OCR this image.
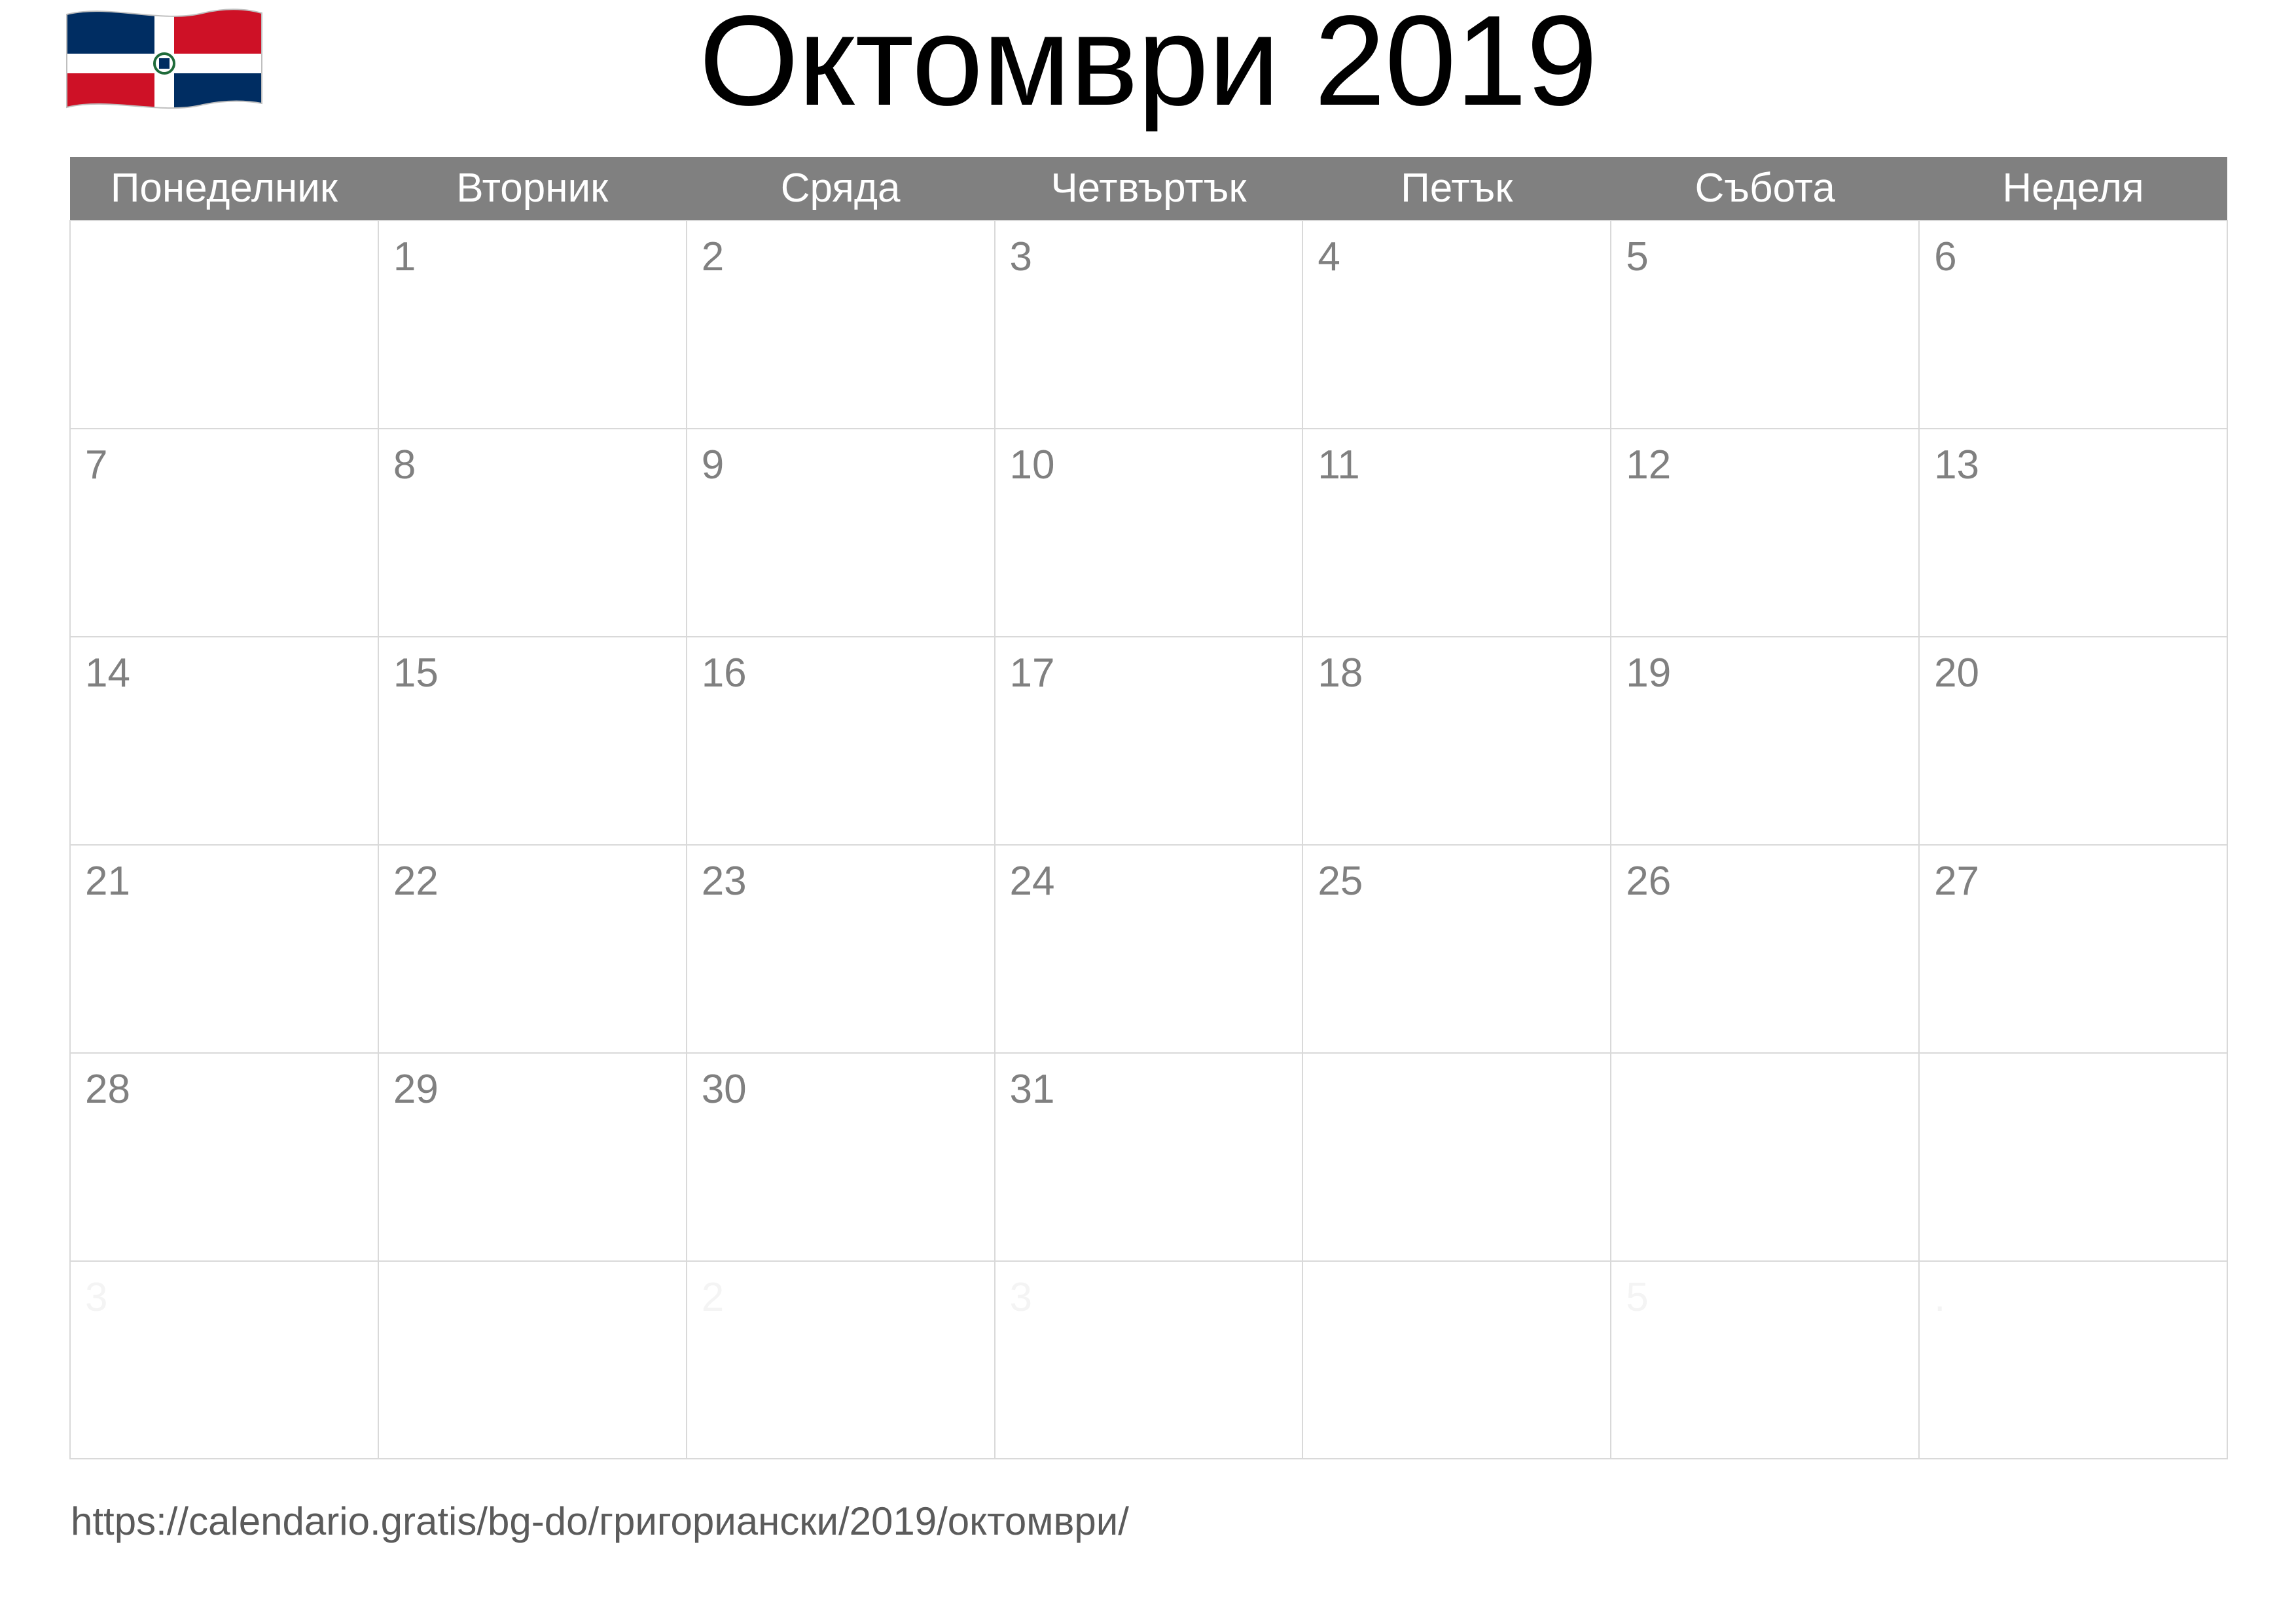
Октомври 2019
Понеделник	Вторник	Сряда	Четвъртък	Петък	Събота	Неделя

	1	2	3	4	5	6

7	8	9	10	11	12	13

14	15	16	17	18	19	20

21	22	23	24	25	26	27

28	29	30	31			

3		2	3		5	.
https://calendario.gratis/bg-do/григориански/2019/октомври/
